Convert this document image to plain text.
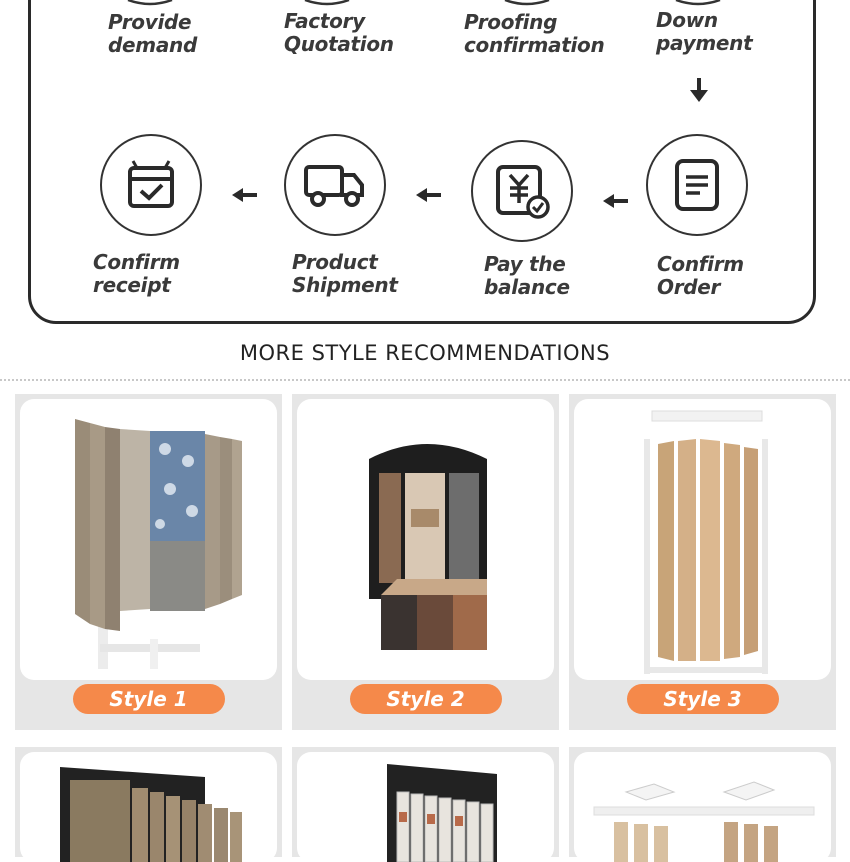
Provide
demand
Factory
Quotation
Proofing
confirmation
Down
payment
Confirm
receipt
Product
Shipment
Pay the
balance
Confirm
Order
MORE STYLE RECOMMENDATIONS
Style 1	Style 2	Style 3
